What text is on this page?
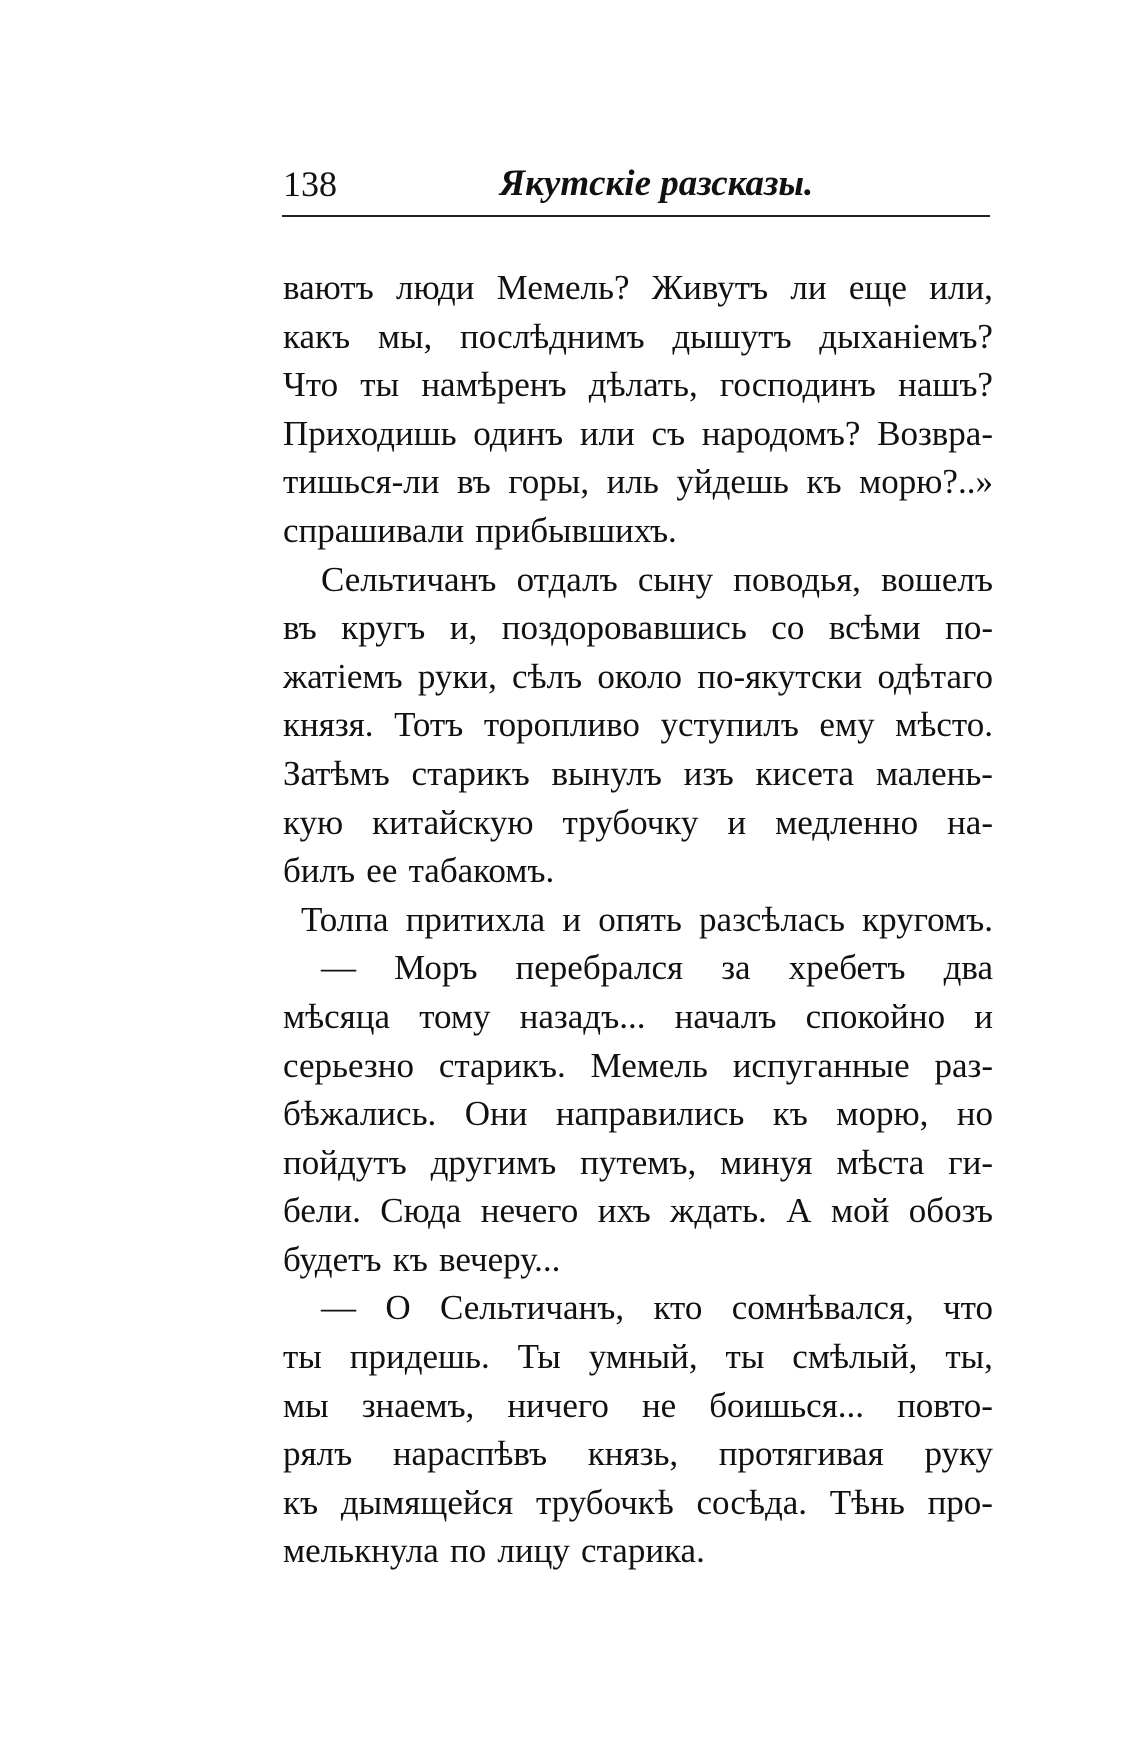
138	Якутскіе разсказы.
ваютъ люди Мемель? Живутъ ли еще или,
какъ мы, послѣднимъ дышутъ дыханіемъ?
Что ты намѣренъ дѣлать, господинъ нашъ?
Приходишь одинъ или съ народомъ? Возвра-
тишься-ли въ горы, иль уйдешь къ морю?..»
спрашивали прибывшихъ.
Сельтичанъ отдалъ сыну поводья, вошелъ
въ кругъ и, поздоровавшись со всѣми по-
жатіемъ руки, сѣлъ около по-якутски одѣтаго
князя. Тотъ торопливо уступилъ ему мѣсто.
Затѣмъ старикъ вынулъ изъ кисета малень-
кую китайскую трубочку и медленно на-
билъ ее табакомъ.
Толпа притихла и опять разсѣлась кругомъ.
— Моръ перебрался за хребетъ два
мѣсяца тому назадъ... началъ спокойно и
серьезно старикъ. Мемель испуганные раз-
бѣжались. Они направились къ морю, но
пойдутъ другимъ путемъ, минуя мѣста ги-
бели. Сюда нечего ихъ ждать. А мой обозъ
будетъ къ вечеру...
— О Сельтичанъ, кто сомнѣвался, что
ты придешь. Ты умный, ты смѣлый, ты,
мы знаемъ, ничего не боишься... повто-
рялъ нараспѣвъ князь, протягивая руку
къ дымящейся трубочкѣ сосѣда. Тѣнь про-
мелькнула по лицу старика.
